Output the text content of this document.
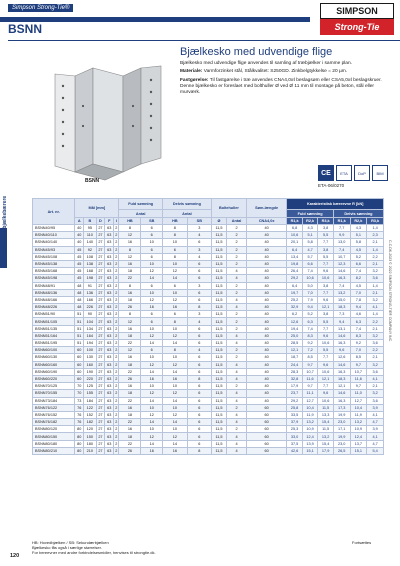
Simpson Strong-Tie®	SIMPSON
Strong-Tie
BSNN
BSNN
Bjælkesko med udvendige flige

Bjælkesko med udvendige flige anvendes til samling af træbjælker i samme plan.

Materiale: Varmforzinket stål, Stålkvalitet: S250GD. Zinkbelgtykkelse = 20 µm.

Fastgørelse: Til fastgørelse i træ anvendes CNA4,0xℓ beslagsøm eller CSA5,0xℓ beslagskruer. Denne bjælkesko er foreslaet med bolthuller Ø ved Ø 11 mm til montage på beton, stål eller murværk.

CE	ETA	DoP	BIM
ETA-06/0270
Bjælkesko & bjælkebærere
C-C-DK-2023 © 2022 SIMPSON STRONG-TIE® COMPANY INC.
Art. nr.	Mål [mm]					Fuld sømning		Delvis sømning		Boltehuller		Søm-længde	Karakteristisk bæreevne R [kN]					
						Antal		Antal					Fuld sømning			Delvis sømning		
	A	B	D	F	I	HB	SB	HB	SB	Ø	Antal	CNA4,0x	R1,k	R2,k	R3,k	R1,k	R2,k	R3,k
BSNN40/95	40	95	27	63	2	8	6	8	3	11,5	2	40	6,8	4,3	3,8	7,7	4,3	1,4
BSNN40/110	40	110	27	63	2	12	6	8	4	11,5	2	40	10,6	5,1	5,5	9,9	5,1	2,3
BSNN40/140	40	140	27	63	2	16	10	10	6	11,5	2	40	20,1	5,8	7,7	13,0	5,8	2,1
BSNN45/93	45	92	27	63	2	8	6	6	3	11,5	2	40	6,4	4,7	3,8	7,4	4,5	1,4
BSNN45/108	45	108	27	63	2	12	6	8	4	11,5	2	40	13,4	5,7	5,5	10,7	5,2	2,2
BSNN45/138	45	138	27	63	2	16	10	10	6	11,5	2	40	19,8	6,6	7,7	12,3	6,6	2,1
BSNN45/168	45	168	27	63	2	18	12	12	6	11,5	4	40	26,4	7,4	9,6	14,6	7,4	3,2
BSNN45/198	45	198	27	63	2	22	14	14	6	11,5	4	40	29,2	10,6	10,6	16,3	8,2	3,6
BSNN48/91	48	91	27	63	2	8	6	6	3	11,5	2	40	6,4	5,0	3,8	7,4	4,5	1,4
BSNN48/136	48	136	27	63	2	16	10	10	6	11,5	2	40	19,7	7,0	7,7	13,2	7,0	2,1
BSNN48/166	48	166	27	63	2	18	12	12	6	11,5	4	40	25,2	7,9	9,6	15,0	7,8	3,2
BSNN48/226	48	226	27	63	2	26	16	16	8	11,5	4	40	32,9	9,4	12,1	18,3	9,4	4,1
BSNN51/90	51	90	27	63	2	8	6	6	3	11,5	2	40	6,2	5,2	3,8	7,3	4,6	1,4
BSNN51/105	51	104	27	63	2	12	6	8	4	11,5	2	40	12,6	6,3	5,5	9,4	6,3	2,2
BSNN51/135	51	134	27	63	2	16	10	10	6	11,5	2	40	19,4	7,4	7,7	13,1	7,4	2,1
BSNN51/164	51	164	27	63	2	18	12	12	6	11,5	4	40	25,0	8,3	9,6	14,6	8,3	3,2
BSNN51/195	51	194	27	63	2	22	14	14	6	11,5	4	40	28,5	9,2	10,6	16,3	9,2	3,6
BSNN60/100	60	100	27	63	2	12	6	8	4	11,5	2	40	12,1	7,2	5,5	9,6	7,0	2,2
BSNN60/130	60	130	27	63	2	16	10	10	6	11,5	2	40	18,7	8,5	7,7	12,6	8,5	2,1
BSNN60/160	60	160	27	63	2	18	12	12	6	11,5	4	40	24,4	9,7	9,6	14,6	9,7	3,2
BSNN60/190	60	190	27	63	2	22	14	14	6	11,5	4	40	28,3	10,7	10,6	16,3	10,7	3,6
BSNN60/220	60	220	27	63	2	26	16	16	8	11,5	4	40	32,8	11,6	12,1	18,3	11,6	4,1
BSNN70/125	70	125	27	63	2	16	10	10	6	11,5	2	40	17,9	9,7	7,7	12,1	9,7	2,1
BSNN70/155	70	155	27	63	2	18	12	12	6	11,5	4	40	23,7	11,1	9,6	14,6	11,0	3,2
BSNN73/184	73	184	27	63	2	22	14	14	6	11,5	4	40	29,2	12,7	10,6	16,3	12,7	3,6
BSNN76/122	76	122	27	63	2	16	10	10	6	11,5	2	60	25,8	10,4	11,5	17,3	10,4	3,9
BSNN76/152	76	152	27	63	2	18	12	12	6	11,5	4	60	33,5	11,9	13,3	19,9	11,9	4,1
BSNN76/182	76	182	27	63	2	22	14	14	6	11,5	4	60	37,9	13,2	15,4	23,0	13,2	4,7
BSNN80/120	80	120	27	63	2	16	10	10	6	11,5	2	60	25,3	10,9	11,5	17,1	10,9	3,9
BSNN80/150	80	150	27	63	2	18	12	12	6	11,5	4	60	33,0	12,4	13,2	19,9	12,4	4,1
BSNN80/180	80	180	27	63	2	22	14	14	6	11,5	4	60	37,5	13,9	15,4	23,0	13,7	4,7
BSNN80/210	80	210	27	63	2	26	16	16	8	11,5	4	60	42,6	15,1	17,9	26,5	15,1	5,4
HB: Hovedbjælken / SB: Sekundærbjælken
Bjælkesko fås også i særlige størrelser.
For bereevner med andre forbindelsesmidler, henvises til strongtie.dk.
Fortsættes
120
